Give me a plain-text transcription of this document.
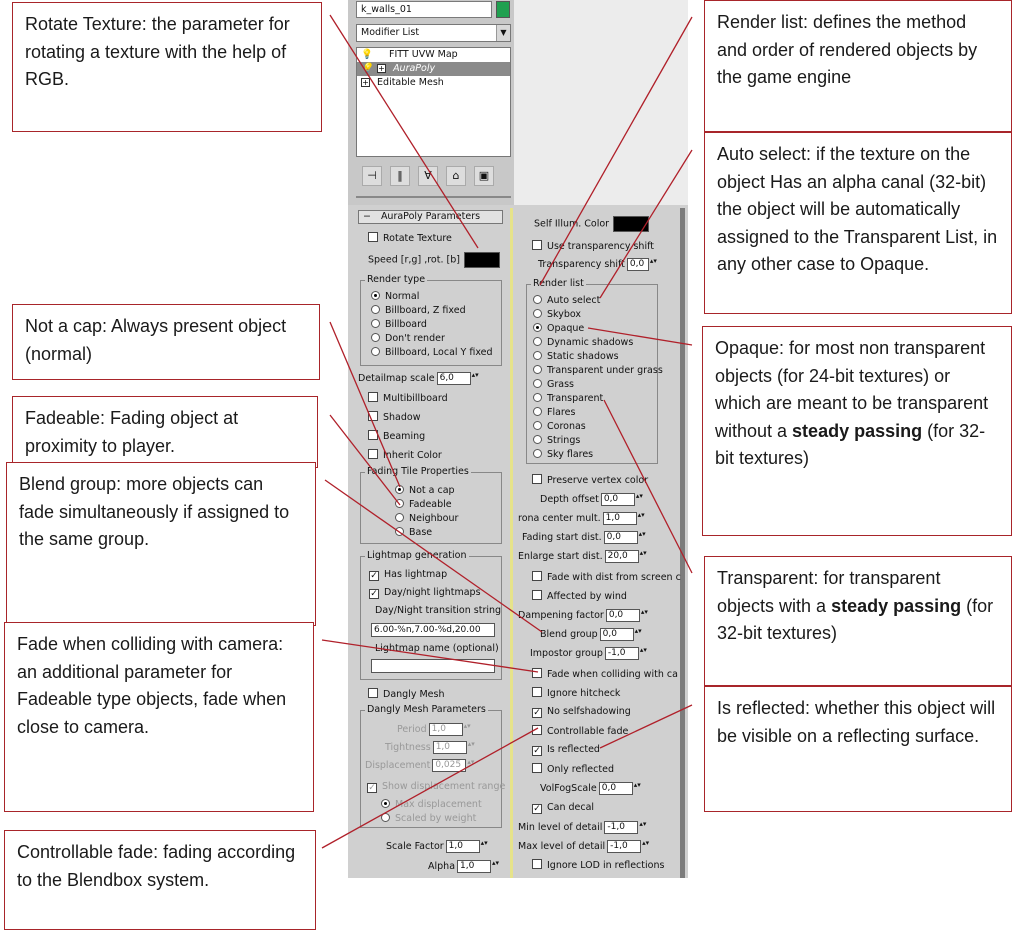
k_walls_01
Modifier List	▼
💡 FITT UVW Map
💡 + AuraPoly
+ Editable Mesh
⊣	‖	∀	⌂	▣
− AuraPoly Parameters
Rotate Texture
Speed [r,g] ,rot. [b]
Render type
Normal
Billboard, Z fixed
Billboard
Don't render
Billboard, Local Y fixed
Detailmap scale 6,0 ▴▾
Multibillboard
Shadow
Beaming
Inherit Color
Fading Tile Properties
Not a cap
Fadeable
Neighbour
Base
Lightmap generation
✓ Has lightmap
✓ Day/night lightmaps
Day/Night transition string
6.00-%n,7.00-%d,20.00
Lightmap name (optional)
Dangly Mesh
Dangly Mesh Parameters
Period 1,0 ▴▾
Tightness 1,0 ▴▾
Displacement 0,025 ▴▾
✓ Show displacement range
Max displacement
Scaled by weight
Scale Factor 1,0 ▴▾
Alpha 1,0 ▴▾
Self Illum. Color
Use transparency shift
Transparency shift 0,0 ▴▾
Render list
Auto select
Skybox
Opaque
Dynamic shadows
Static shadows
Transparent under grass
Grass
Transparent
Flares
Coronas
Strings
Sky flares
Preserve vertex color
Depth offset 0,0 ▴▾
rona center mult. 1,0 ▴▾
Fading start dist. 0,0 ▴▾
Enlarge start dist. 20,0 ▴▾
Fade with dist from screen c
Affected by wind
Dampening factor 0,0 ▴▾
Blend group 0,0 ▴▾
Impostor group -1,0 ▴▾
Fade when colliding with ca
Ignore hitcheck
✓ No selfshadowing
Controllable fade
✓ Is reflected
Only reflected
VolFogScale 0,0 ▴▾
✓ Can decal
Min level of detail -1,0 ▴▾
Max level of detail -1,0 ▴▾
Ignore LOD in reflections
Rotate Texture: the parameter for rotating a texture with the help of RGB.
Not a cap: Always present object (normal)
Fadeable: Fading object at proximity to player.
Blend group: more objects can fade simultaneously if assigned to the same group.
Fade when colliding with camera: an additional parameter for Fadeable type objects, fade when close to camera.
Controllable fade: fading according to the Blendbox system.
Render list: defines the method and order of rendered objects by the game engine
Auto select: if the texture on the object Has an alpha canal (32-bit) the object will be automatically assigned to the Transparent List, in any other case to Opaque.
Opaque: for most non transparent objects (for 24-bit textures) or which are meant to be transparent without a steady passing (for 32-bit textures)
Transparent: for transparent objects with a steady passing (for 32-bit textures)
Is reflected: whether this object will be visible on a reflecting surface.
